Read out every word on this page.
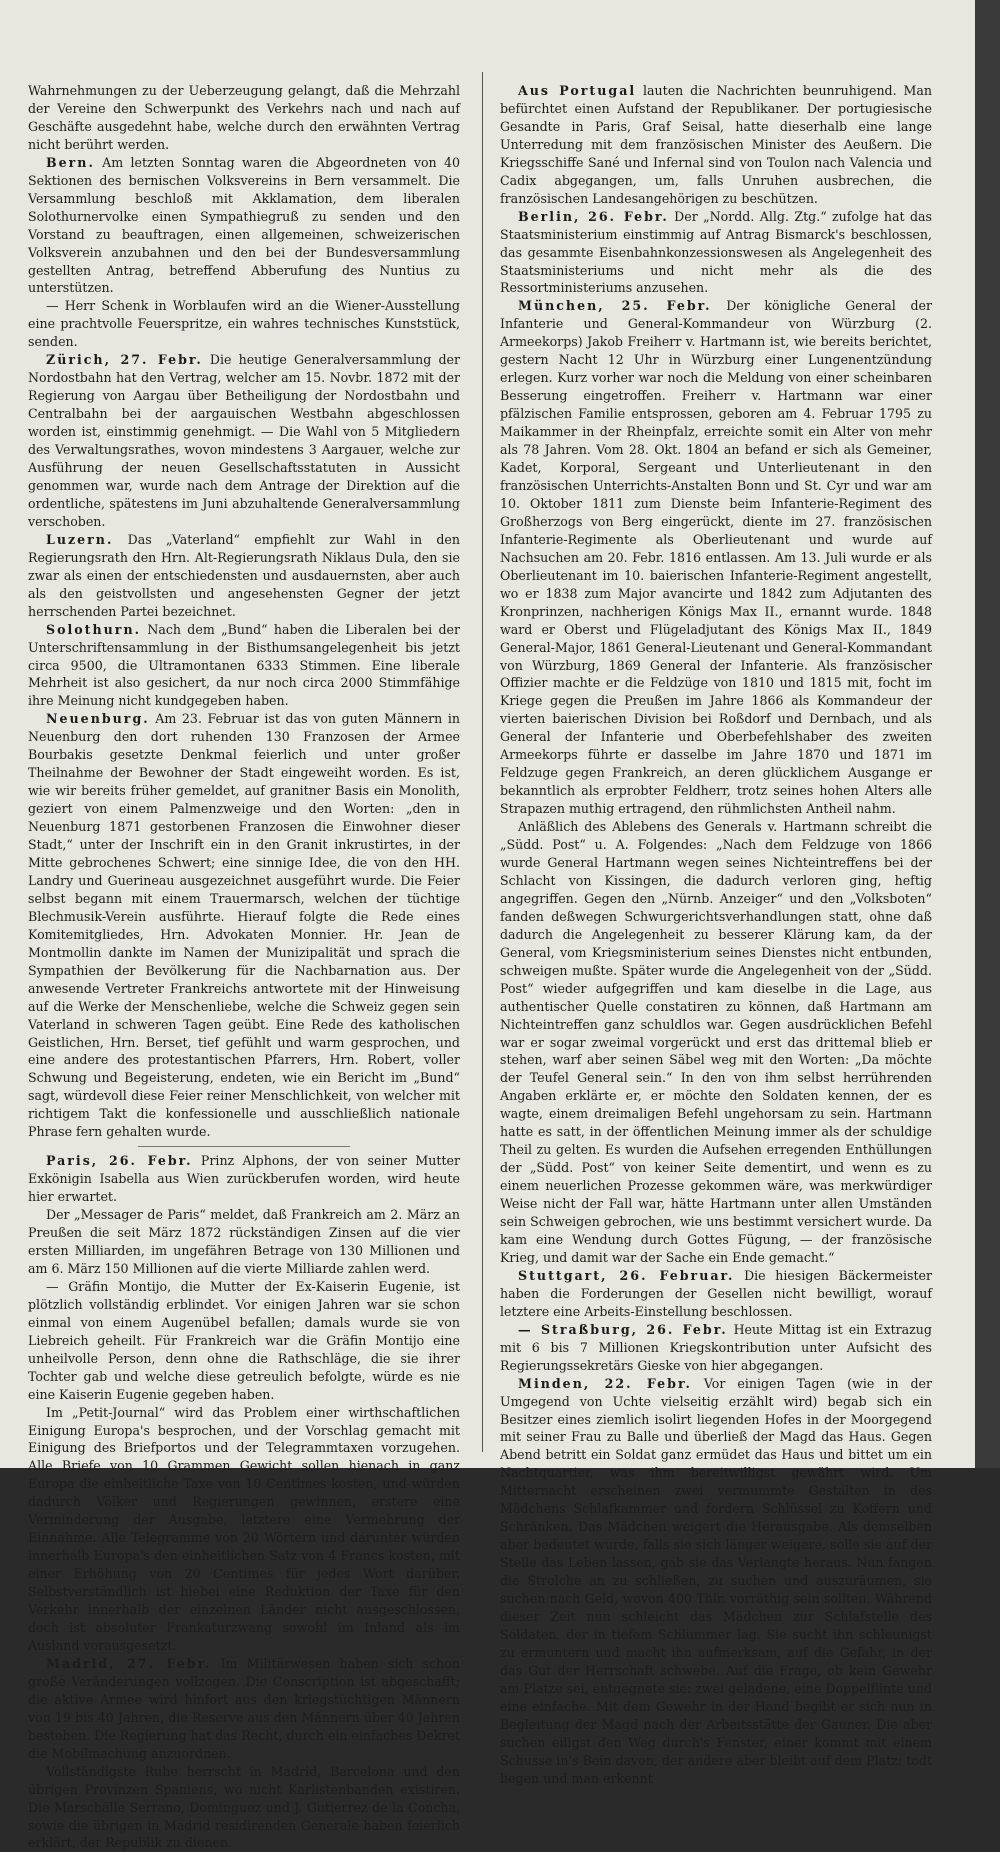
Wahrnehmungen zu der Ueberzeugung gelangt, daß die Mehrzahl der Vereine den Schwerpunkt des Verkehrs nach und nach auf Geschäfte ausgedehnt habe, welche durch den erwähnten Vertrag nicht berührt werden.

Bern. Am letzten Sonntag waren die Abgeordneten von 40 Sektionen des bernischen Volksvereins in Bern versammelt. Die Versammlung beschloß mit Akklamation, dem liberalen Solothurnervolke einen Sympathiegruß zu senden und den Vorstand zu beauftragen, einen allgemeinen, schweizerischen Volksverein anzubahnen und den bei der Bundesversammlung gestellten Antrag, betreffend Abberufung des Nuntius zu unterstützen.

— Herr Schenk in Worblaufen wird an die Wiener-Ausstellung eine prachtvolle Feuerspritze, ein wahres technisches Kunststück, senden.

Zürich, 27. Febr. Die heutige Generalversammlung der Nordostbahn hat den Vertrag, welcher am 15. Novbr. 1872 mit der Regierung von Aargau über Betheiligung der Nordostbahn und Centralbahn bei der aargauischen Westbahn abgeschlossen worden ist, einstimmig genehmigt. — Die Wahl von 5 Mitgliedern des Verwaltungsrathes, wovon mindestens 3 Aargauer, welche zur Ausführung der neuen Gesellschaftsstatuten in Aussicht genommen war, wurde nach dem Antrage der Direktion auf die ordentliche, spätestens im Juni abzuhaltende Generalversammlung verschoben.

Luzern. Das „Vaterland“ empfiehlt zur Wahl in den Regierungsrath den Hrn. Alt-Regierungsrath Niklaus Dula, den sie zwar als einen der entschiedensten und ausdauernsten, aber auch als den geistvollsten und angesehensten Gegner der jetzt herrschenden Partei bezeichnet.

Solothurn. Nach dem „Bund“ haben die Liberalen bei der Unterschriftensammlung in der Bisthumsangelegenheit bis jetzt circa 9500, die Ultramontanen 6333 Stimmen. Eine liberale Mehrheit ist also gesichert, da nur noch circa 2000 Stimmfähige ihre Meinung nicht kundgegeben haben.

Neuenburg. Am 23. Februar ist das von guten Männern in Neuenburg den dort ruhenden 130 Franzosen der Armee Bourbakis gesetzte Denkmal feierlich und unter großer Theilnahme der Bewohner der Stadt eingeweiht worden. Es ist, wie wir bereits früher gemeldet, auf granitner Basis ein Monolith, geziert von einem Palmenzweige und den Worten: „den in Neuenburg 1871 gestorbenen Franzosen die Einwohner dieser Stadt,“ unter der Inschrift ein in den Granit inkrustirtes, in der Mitte gebrochenes Schwert; eine sinnige Idee, die von den HH. Landry und Guerineau ausgezeichnet ausgeführt wurde. Die Feier selbst begann mit einem Trauermarsch, welchen der tüchtige Blechmusik-Verein ausführte. Hierauf folgte die Rede eines Komitemitgliedes, Hrn. Advokaten Monnier. Hr. Jean de Montmollin dankte im Namen der Munizipalität und sprach die Sympathien der Bevölkerung für die Nachbarnation aus. Der anwesende Vertreter Frankreichs antwortete mit der Hinweisung auf die Werke der Menschenliebe, welche die Schweiz gegen sein Vaterland in schweren Tagen geübt. Eine Rede des katholischen Geistlichen, Hrn. Berset, tief gefühlt und warm gesprochen, und eine andere des protestantischen Pfarrers, Hrn. Robert, voller Schwung und Begeisterung, endeten, wie ein Bericht im „Bund“ sagt, würdevoll diese Feier reiner Menschlichkeit, von welcher mit richtigem Takt die konfessionelle und ausschließlich nationale Phrase fern gehalten wurde.

Paris, 26. Febr. Prinz Alphons, der von seiner Mutter Exkönigin Isabella aus Wien zurückberufen worden, wird heute hier erwartet.

Der „Messager de Paris“ meldet, daß Frankreich am 2. März an Preußen die seit März 1872 rückständigen Zinsen auf die vier ersten Milliarden, im ungefähren Betrage von 130 Millionen und am 6. März 150 Millionen auf die vierte Milliarde zahlen werd.

— Gräfin Montijo, die Mutter der Ex-Kaiserin Eugenie, ist plötzlich vollständig erblindet. Vor einigen Jahren war sie schon einmal von einem Augenübel befallen; damals wurde sie von Liebreich geheilt. Für Frankreich war die Gräfin Montijo eine unheilvolle Person, denn ohne die Rathschläge, die sie ihrer Tochter gab und welche diese getreulich befolgte, würde es nie eine Kaiserin Eugenie gegeben haben.

Im „Petit-Journal“ wird das Problem einer wirthschaftlichen Einigung Europa's besprochen, und der Vorschlag gemacht mit Einigung des Briefportos und der Telegrammtaxen vorzugehen. Alle Briefe von 10 Grammen Gewicht sollen hienach in ganz Europa die einheitliche Taxe von 10 Centimes kosten, und würden dadurch Völker und Regierungen gewinnen, erstere eine Verminderung der Ausgabe, letztere eine Vermehrung der Einnahme. Alle Telegramme von 20 Wörtern und darunter würden innerhalb Europa's den einheitlichen Satz von 4 Francs kosten, mit einer Erhöhung von 20 Centimes für jedes Wort darüber. Selbstverständlich ist hiebei eine Reduktion der Taxe für den Verkehr innerhalb der einzelnen Länder nicht ausgeschlossen, doch ist absoluter Frankaturzwang sowohl im Inland als im Ausland vorausgesetzt.

Madrid, 27. Febr. Im Militärwesen haben sich schon große Veränderungen vollzogen. Die Conscription ist abgeschafft; die aktive Armee wird hinfort aus den kriegstüchtigen Männern von 19 bis 40 Jahren, die Reserve aus den Männern über 40 Jahren bestehen. Die Regierung hat das Recht, durch ein einfaches Dekret die Mobilmachung anzuordnen.

Vollständigste Ruhe herrscht in Madrid, Barcelona und den übrigen Provinzen Spaniens, wo nicht Karlistenbanden existiren. Die Marschälle Serrano, Dominguez und J. Gutierrez de la Concha, sowie die übrigen in Madrid residirenden Generale haben feierlich erklärt, der Republik zu dienen.

Aus Portugal lauten die Nachrichten beunruhigend. Man befürchtet einen Aufstand der Republikaner. Der portugiesische Gesandte in Paris, Graf Seisal, hatte dieserhalb eine lange Unterredung mit dem französischen Minister des Aeußern. Die Kriegsschiffe Sané und Infernal sind von Toulon nach Valencia und Cadix abgegangen, um, falls Unruhen ausbrechen, die französischen Landesangehörigen zu beschützen.

Berlin, 26. Febr. Der „Nordd. Allg. Ztg.“ zufolge hat das Staatsministerium einstimmig auf Antrag Bismarck's beschlossen, das gesammte Eisenbahnkonzessionswesen als Angelegenheit des Staatsministeriums und nicht mehr als die des Ressortministeriums anzusehen.

München, 25. Febr. Der königliche General der Infanterie und General-Kommandeur von Würzburg (2. Armeekorps) Jakob Freiherr v. Hartmann ist, wie bereits berichtet, gestern Nacht 12 Uhr in Würzburg einer Lungenentzündung erlegen. Kurz vorher war noch die Meldung von einer scheinbaren Besserung eingetroffen. Freiherr v. Hartmann war einer pfälzischen Familie entsprossen, geboren am 4. Februar 1795 zu Maikammer in der Rheinpfalz, erreichte somit ein Alter von mehr als 78 Jahren. Vom 28. Okt. 1804 an befand er sich als Gemeiner, Kadet, Korporal, Sergeant und Unterlieutenant in den französischen Unterrichts-Anstalten Bonn und St. Cyr und war am 10. Oktober 1811 zum Dienste beim Infanterie-Regiment des Großherzogs von Berg eingerückt, diente im 27. französischen Infanterie-Regimente als Oberlieutenant und wurde auf Nachsuchen am 20. Febr. 1816 entlassen. Am 13. Juli wurde er als Oberlieutenant im 10. baierischen Infanterie-Regiment angestellt, wo er 1838 zum Major avancirte und 1842 zum Adjutanten des Kronprinzen, nachherigen Königs Max II., ernannt wurde. 1848 ward er Oberst und Flügeladjutant des Königs Max II., 1849 General-Major, 1861 General-Lieutenant und General-Kommandant von Würzburg, 1869 General der Infanterie. Als französischer Offizier machte er die Feldzüge von 1810 und 1815 mit, focht im Kriege gegen die Preußen im Jahre 1866 als Kommandeur der vierten baierischen Division bei Roßdorf und Dernbach, und als General der Infanterie und Oberbefehlshaber des zweiten Armeekorps führte er dasselbe im Jahre 1870 und 1871 im Feldzuge gegen Frankreich, an deren glücklichem Ausgange er bekanntlich als erprobter Feldherr, trotz seines hohen Alters alle Strapazen muthig ertragend, den rühmlichsten Antheil nahm.

Anläßlich des Ablebens des Generals v. Hartmann schreibt die „Südd. Post“ u. A. Folgendes: „Nach dem Feldzuge von 1866 wurde General Hartmann wegen seines Nichteintreffens bei der Schlacht von Kissingen, die dadurch verloren ging, heftig angegriffen. Gegen den „Nürnb. Anzeiger“ und den „Volksboten“ fanden deßwegen Schwurgerichtsverhandlungen statt, ohne daß dadurch die Angelegenheit zu besserer Klärung kam, da der General, vom Kriegsministerium seines Dienstes nicht entbunden, schweigen mußte. Später wurde die Angelegenheit von der „Südd. Post“ wieder aufgegriffen und kam dieselbe in die Lage, aus authentischer Quelle constatiren zu können, daß Hartmann am Nichteintreffen ganz schuldlos war. Gegen ausdrücklichen Befehl war er sogar zweimal vorgerückt und erst das drittemal blieb er stehen, warf aber seinen Säbel weg mit den Worten: „Da möchte der Teufel General sein.“ In den von ihm selbst herrührenden Angaben erklärte er, er möchte den Soldaten kennen, der es wagte, einem dreimaligen Befehl ungehorsam zu sein. Hartmann hatte es satt, in der öffentlichen Meinung immer als der schuldige Theil zu gelten. Es wurden die Aufsehen erregenden Enthüllungen der „Südd. Post“ von keiner Seite dementirt, und wenn es zu einem neuerlichen Prozesse gekommen wäre, was merkwürdiger Weise nicht der Fall war, hätte Hartmann unter allen Umständen sein Schweigen gebrochen, wie uns bestimmt versichert wurde. Da kam eine Wendung durch Gottes Fügung, — der französische Krieg, und damit war der Sache ein Ende gemacht.“

Stuttgart, 26. Februar. Die hiesigen Bäckermeister haben die Forderungen der Gesellen nicht bewilligt, worauf letztere eine Arbeits-Einstellung beschlossen.

— Straßburg, 26. Febr. Heute Mittag ist ein Extrazug mit 6 bis 7 Millionen Kriegskontribution unter Aufsicht des Regierungssekretärs Gieske von hier abgegangen.

Minden, 22. Febr. Vor einigen Tagen (wie in der Umgegend von Uchte vielseitig erzählt wird) begab sich ein Besitzer eines ziemlich isolirt liegenden Hofes in der Moorgegend mit seiner Frau zu Balle und überließ der Magd das Haus. Gegen Abend betritt ein Soldat ganz ermüdet das Haus und bittet um ein Nachtquartier, was ihm bereitwilligst gewährt wird. Um Mitternacht erscheinen zwei vermummte Gestalten in des Mädchens Schlafkammer und fordern Schlüssel zu Koffern und Schränken. Das Mädchen weigert die Herausgabe. Als demselben aber bedeutet wurde, falls sie sich länger weigere, solle sie auf der Stelle das Leben lassen, gab sie das Verlangte heraus. Nun fangen die Strolche an zu schließen, zu suchen und auszuräumen, sie suchen nach Geld, wovon 400 Thlr. vorräthig sein sollten. Während dieser Zeit nun schleicht das Mädchen zur Schlafstelle des Soldaten, der in tiefem Schlummer lag. Sie sucht ihn schleunigst zu ermuntern und macht ihn aufmerksam, auf die Gefahr, in der das Gut der Herrschaft schwebe. Auf die Frage, ob kein Gewehr am Platze sei, entgegnete sie: zwei geladene, eine Doppelflinte und eine einfache. Mit dem Gewehr in der Hand begibt er sich nun in Begleitung der Magd nach der Arbeitsstätte der Gauner. Die aber suchen eiligst den Weg durch's Fenster, einer kommt mit einem Schusse in's Bein davon, der andere aber bleibt auf dem Platz: todt liegen und man erkennt
